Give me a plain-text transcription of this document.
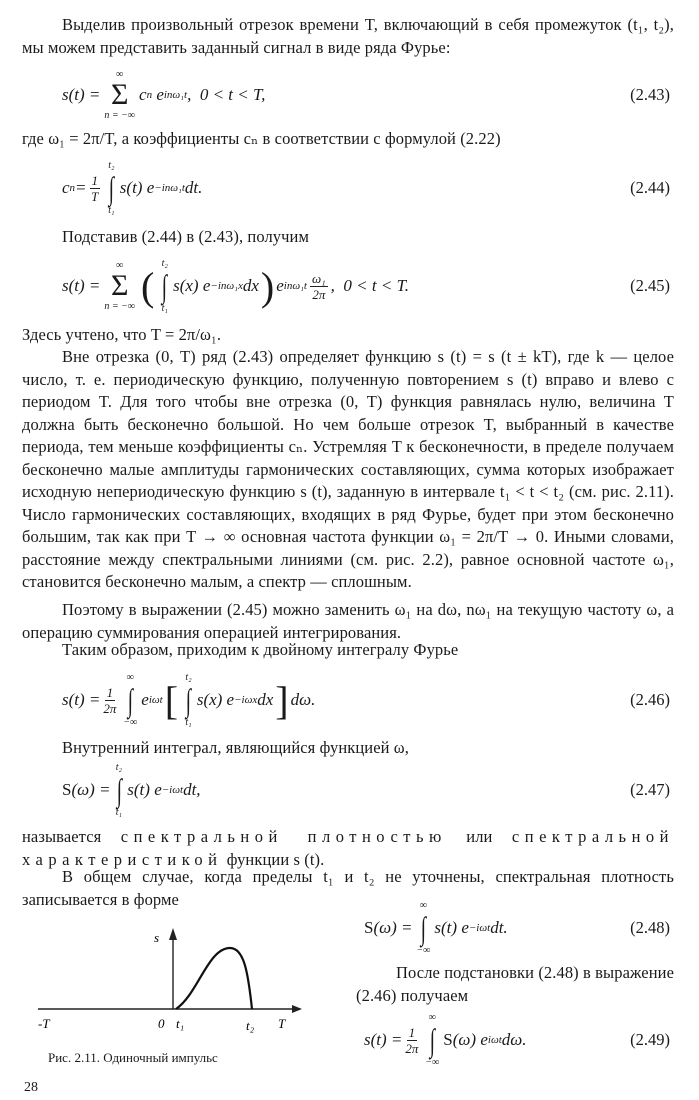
Выделив произвольный отрезок времени T, включающий в себя промежуток (t₁, t₂), мы можем представить заданный сигнал в виде ряда Фурье:
s(t) =
∞
Σ
n = −∞
c n e inω₁t ,  0 < t < T,	(2.43)
где ω₁ = 2π/T, а коэффициенты cₙ в соответствии с формулой (2.22)
c $n = \frac{1}{T}$
t₂
∫
t₁
s(t) e −inω₁t dt.	(2.44)
Подставив (2.44) в (2.43), получим
s(t) =
∞
Σ
n = −∞ ( t₂
∫
t₁
s(x) e −inω₁x dx ) e $in\omega_1t \frac{\text{ω₁}}{2\pi}$ ,  0 < t < T.	(2.45)
Здесь учтено, что T = 2π/ω₁.
Вне отрезка (0, T) ряд (2.43) определяет функцию s (t) = s (t ± kT), где k — целое число, т. е. периодическую функцию, полученную повторением s (t) вправо и влево с периодом T. Для того чтобы вне отрезка (0, T) функция равнялась нулю, величина T должна быть бесконечно большой. Но чем больше отрезок T, выбранный в качестве периода, тем меньше коэффициенты cₙ. Устремляя T к бесконечности, в пределе получаем бесконечно малые амплитуды гармонических составляющих, сумма которых изображает исходную непериодическую функцию s (t), заданную в интервале t₁ < t < t₂ (см. рис. 2.11). Число гармонических составляющих, входящих в ряд Фурье, будет при этом бесконечно большим, так как при T → ∞ основная частота функции ω₁ = 2π/T → 0. Иными словами, расстояние между спектральными линиями (см. рис. 2.2), равное основной частоте ω₁, становится бесконечно малым, а спектр — сплошным.
Поэтому в выражении (2.45) можно заменить ω₁ на dω, nω₁ на текущую частоту ω, а операцию суммирования операцией интегрирования.
Таким образом, приходим к двойному интегралу Фурье
$s(t) = \frac{1}{2\pi}$
∞
∫
−∞
e iωt [ t₂
∫
t₁
s(x) e −iωx dx ] dω.	(2.46)
Внутренний интеграл, являющийся функцией ω,
S (ω) =
t₂
∫
t₁
s(t) e −iωt dt,	(2.47)
называется спектральной плотностью или спектральной характеристикой функции s (t).
В общем случае, когда пределы t₁ и t₂ не уточнены, спектральная плотность записывается в форме
S (ω) =
∞
∫
−∞
s(t) e −iωt dt.	(2.48)
После подстановки (2.48) в выражение (2.46) получаем
$s(t) = \frac{1}{2\pi}$
∞
∫
−∞
S (ω) e iωt dω.	(2.49)
s
-T	0 t₁	t₂ T
Рис. 2.11. Одиночный импульс
28
